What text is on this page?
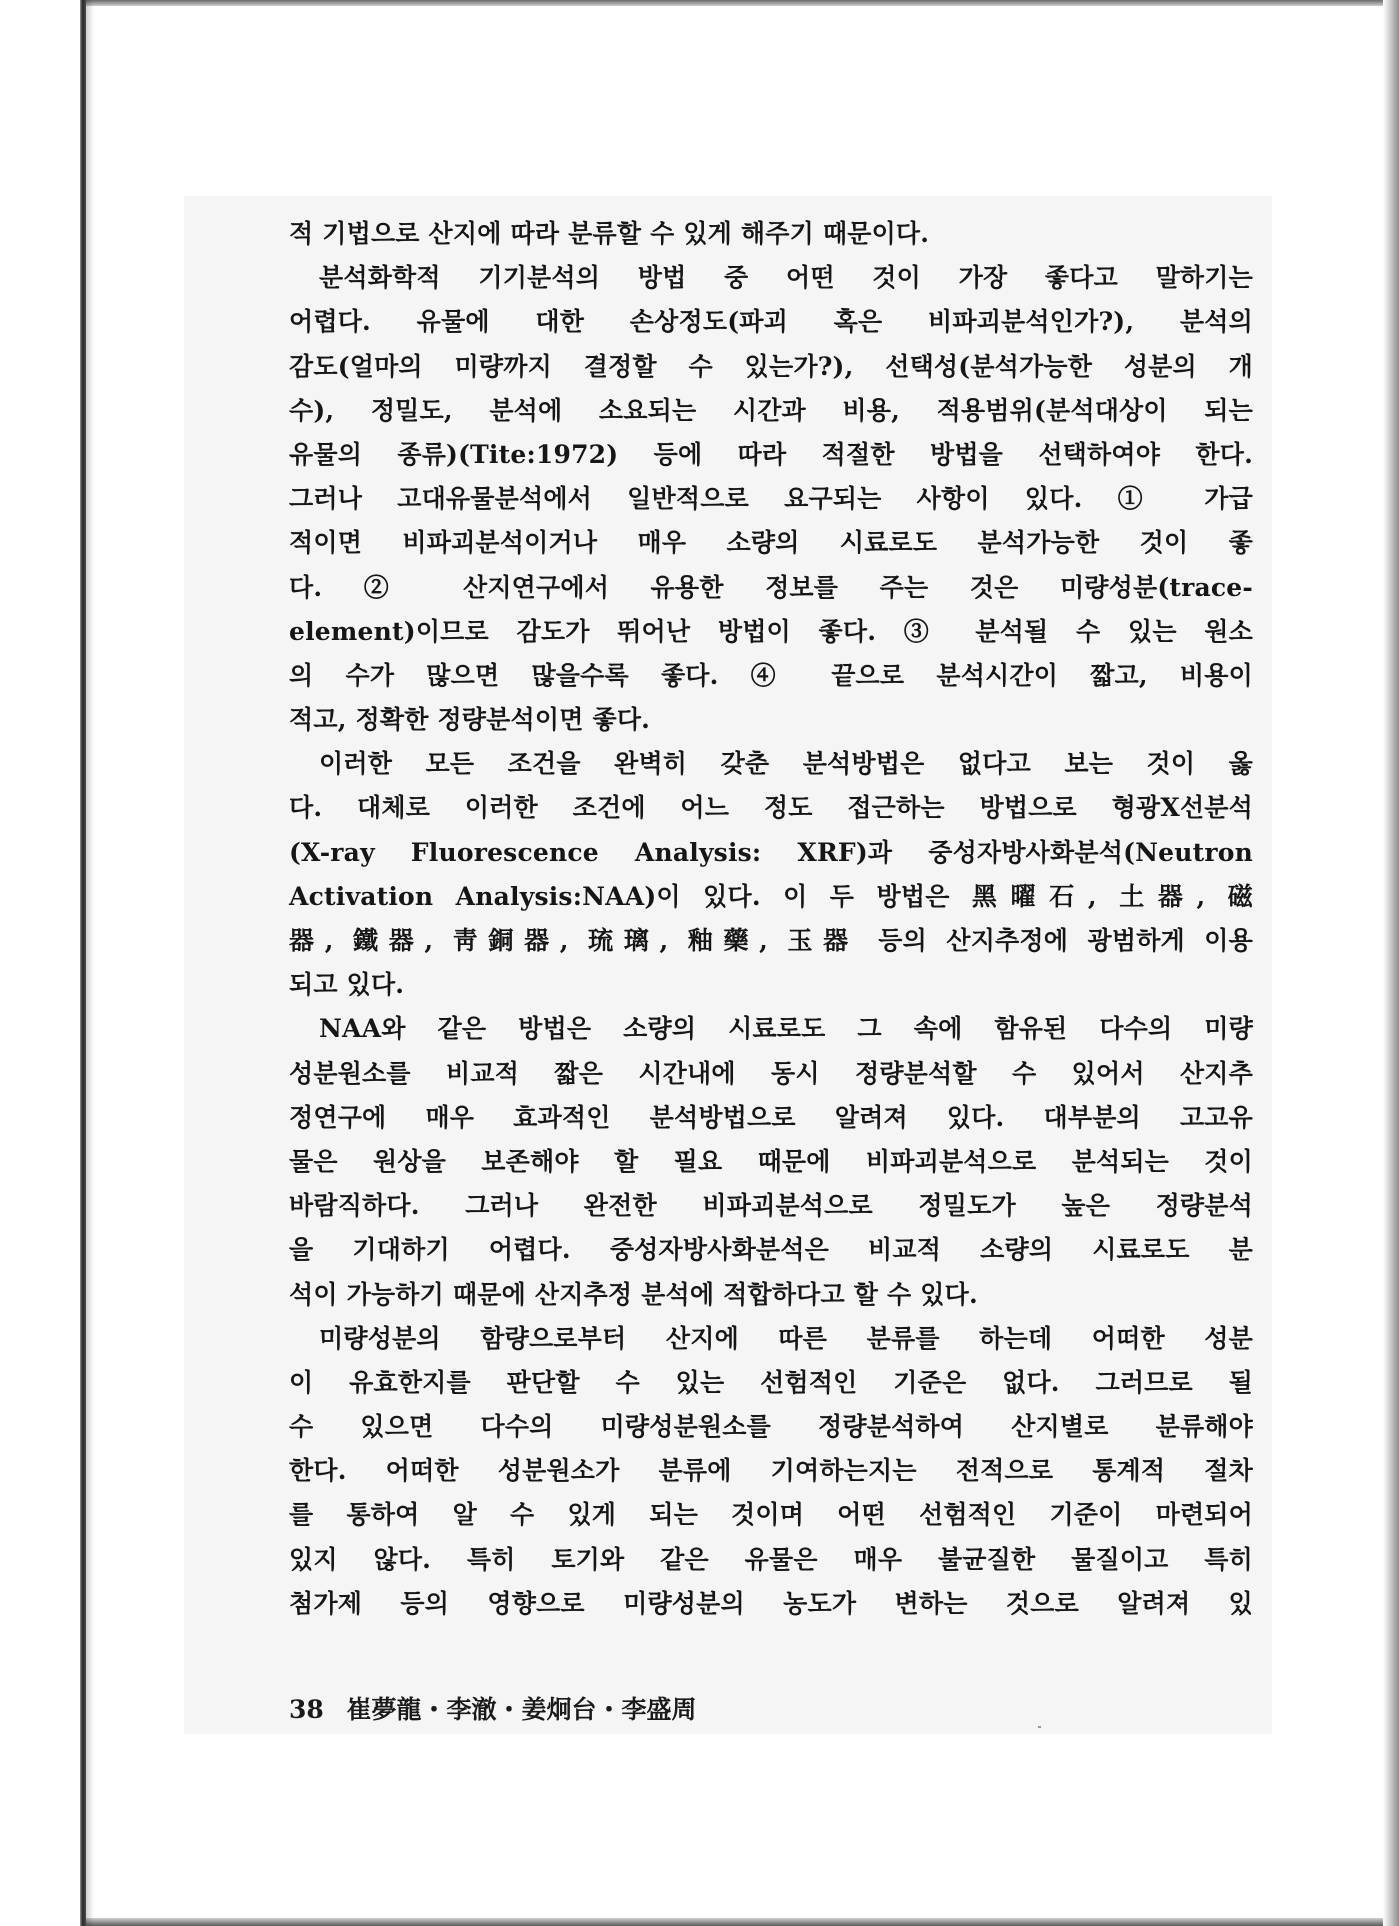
적 기법으로 산지에 따라 분류할 수 있게 해주기 때문이다.
분석화학적 기기분석의 방법 중 어떤 것이 가장 좋다고 말하기는
어렵다. 유물에 대한 손상정도(파괴 혹은 비파괴분석인가?), 분석의
감도(얼마의 미량까지 결정할 수 있는가?), 선택성(분석가능한 성분의 개
수), 정밀도, 분석에 소요되는 시간과 비용, 적용범위(분석대상이 되는
유물의 종류)(Tite:1972) 등에 따라 적절한 방법을 선택하여야 한다.
그러나 고대유물분석에서 일반적으로 요구되는 사항이 있다. ① 가급
적이면 비파괴분석이거나 매우 소량의 시료로도 분석가능한 것이 좋
다. ② 산지연구에서 유용한 정보를 주는 것은 미량성분(trace-
element)이므로 감도가 뛰어난 방법이 좋다. ③ 분석될 수 있는 원소
의 수가 많으면 많을수록 좋다. ④ 끝으로 분석시간이 짧고, 비용이
적고, 정확한 정량분석이면 좋다.
이러한 모든 조건을 완벽히 갖춘 분석방법은 없다고 보는 것이 옳
다. 대체로 이러한 조건에 어느 정도 접근하는 방법으로 형광X선분석
(X-ray Fluorescence Analysis: XRF)과 중성자방사화분석(Neutron
Activation Analysis:NAA)이 있다. 이 두 방법은 黑曜石, 土器, 磁
器, 鐵器, 靑銅器, 琉璃, 釉藥, 玉器 등의 산지추정에 광범하게 이용
되고 있다.
NAA와 같은 방법은 소량의 시료로도 그 속에 함유된 다수의 미량
성분원소를 비교적 짧은 시간내에 동시 정량분석할 수 있어서 산지추
정연구에 매우 효과적인 분석방법으로 알려져 있다. 대부분의 고고유
물은 원상을 보존해야 할 필요 때문에 비파괴분석으로 분석되는 것이
바람직하다. 그러나 완전한 비파괴분석으로 정밀도가 높은 정량분석
을 기대하기 어렵다. 중성자방사화분석은 비교적 소량의 시료로도 분
석이 가능하기 때문에 산지추정 분석에 적합하다고 할 수 있다.
미량성분의 함량으로부터 산지에 따른 분류를 하는데 어떠한 성분
이 유효한지를 판단할 수 있는 선험적인 기준은 없다. 그러므로 될
수 있으면 다수의 미량성분원소를 정량분석하여 산지별로 분류해야
한다. 어떠한 성분원소가 분류에 기여하는지는 전적으로 통계적 절차
를 통하여 알 수 있게 되는 것이며 어떤 선험적인 기준이 마련되어
있지 않다. 특히 토기와 같은 유물은 매우 불균질한 물질이고 특히
첨가제 등의 영향으로 미량성분의 농도가 변하는 것으로 알려져 있
38 崔夢龍・李澈・姜炯台・李盛周
